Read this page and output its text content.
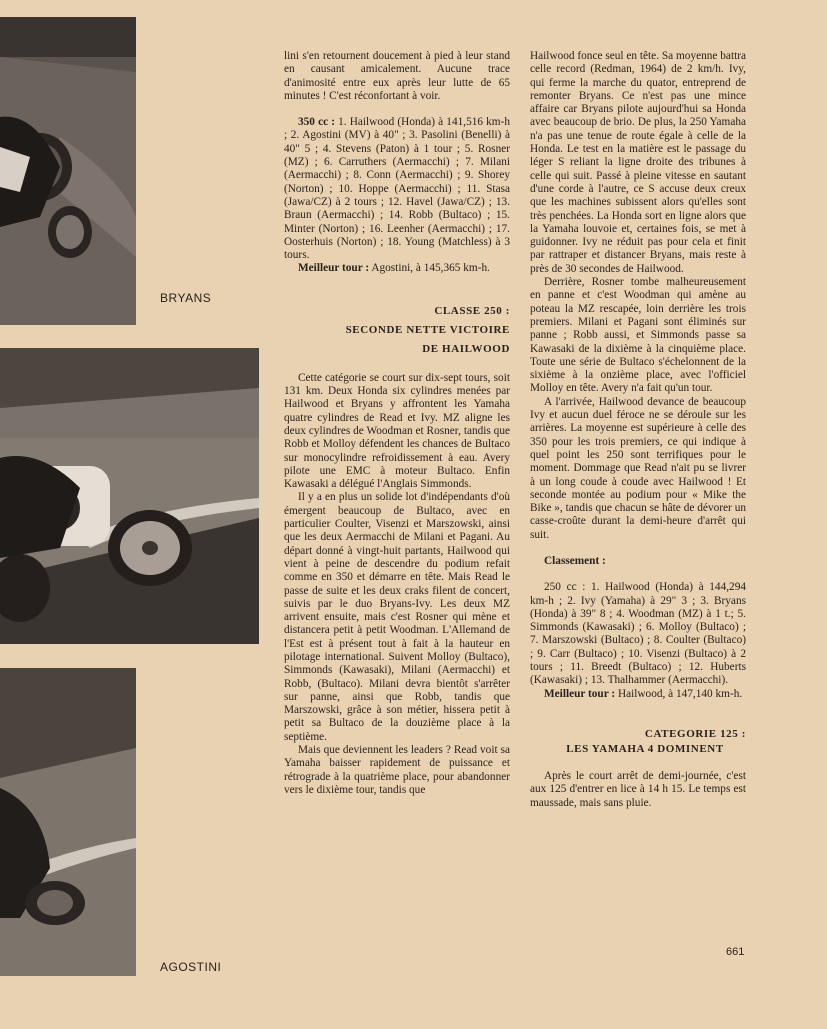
BRYANS
AGOSTINI

lini s'en retournent doucement à pied à leur stand en causant amicalement. Aucune trace d'animosité entre eux après leur lutte de 65 minutes ! C'est réconfortant à voir.

350 cc : 1. Hailwood (Honda) à 141,516 km-h ; 2. Agostini (MV) à 40" ; 3. Pasolini (Benelli) à 40" 5 ; 4. Stevens (Paton) à 1 tour ; 5. Rosner (MZ) ; 6. Carruthers (Aermacchi) ; 7. Milani (Aermacchi) ; 8. Conn (Aermacchi) ; 9. Shorey (Norton) ; 10. Hoppe (Aermacchi) ; 11. Stasa (Jawa/CZ) à 2 tours ; 12. Havel (Jawa/CZ) ; 13. Braun (Aermacchi) ; 14. Robb (Bultaco) ; 15. Minter (Norton) ; 16. Leenher (Aermacchi) ; 17. Oosterhuis (Norton) ; 18. Young (Matchless) à 3 tours.

Meilleur tour : Agostini, à 145,365 km-h.

CLASSE 250 :

SECONDE NETTE VICTOIRE

DE HAILWOOD

Cette catégorie se court sur dix-sept tours, soit 131 km. Deux Honda six cylindres menées par Hailwood et Bryans y affrontent les Yamaha quatre cylindres de Read et Ivy. MZ aligne les deux cylindres de Woodman et Rosner, tandis que Robb et Molloy défendent les chances de Bultaco sur monocylindre refroidissement à eau. Avery pilote une EMC à moteur Bultaco. Enfin Kawasaki a délégué l'Anglais Simmonds.

Il y a en plus un solide lot d'indépendants d'où émergent beaucoup de Bultaco, avec en particulier Coulter, Visenzi et Marszowski, ainsi que les deux Aermacchi de Milani et Pagani. Au départ donné à vingt-huit partants, Hailwood qui vient à peine de descendre du podium refait comme en 350 et démarre en tête. Mais Read le passe de suite et les deux craks filent de concert, suivis par le duo Bryans-Ivy. Les deux MZ arrivent ensuite, mais c'est Rosner qui mène et distancera petit à petit Woodman. L'Allemand de l'Est est à présent tout à fait à la hauteur en pilotage international. Suivent Molloy (Bultaco), Simmonds (Kawasaki), Milani (Aermacchi) et Robb, (Bultaco). Milani devra bientôt s'arrêter sur panne, ainsi que Robb, tandis que Marszowski, grâce à son métier, hissera petit à petit sa Bultaco de la douzième place à la septième.

Mais que deviennent les leaders ? Read voit sa Yamaha baisser rapidement de puissance et rétrograde à la quatrième place, pour abandonner vers le dixième tour, tandis que

Hailwood fonce seul en tête. Sa moyenne battra celle record (Redman, 1964) de 2 km/h. Ivy, qui ferme la marche du quator, entreprend de remonter Bryans. Ce n'est pas une mince affaire car Bryans pilote aujourd'hui sa Honda avec beaucoup de brio. De plus, la 250 Yamaha n'a pas une tenue de route égale à celle de la Honda. Le test en la matière est le passage du léger S reliant la ligne droite des tribunes à celle qui suit. Passé à pleine vitesse en sautant d'une corde à l'autre, ce S accuse deux creux que les machines subissent alors qu'elles sont très penchées. La Honda sort en ligne alors que la Yamaha louvoie et, certaines fois, se met à guidonner. Ivy ne réduit pas pour cela et finit par rattraper et distancer Bryans, mais reste à près de 30 secondes de Hailwood.

Derrière, Rosner tombe malheureusement en panne et c'est Woodman qui amène au poteau la MZ rescapée, loin derrière les trois premiers. Milani et Pagani sont éliminés sur panne ; Robb aussi, et Simmonds passe sa Kawasaki de la dixième à la cinquième place. Toute une série de Bultaco s'échelonnent de la sixième à la onzième place, avec l'officiel Molloy en tête. Avery n'a fait qu'un tour.

A l'arrivée, Hailwood devance de beaucoup Ivy et aucun duel féroce ne se déroule sur les arrières. La moyenne est supérieure à celle des 350 pour les trois premiers, ce qui indique à quel point les 250 sont terrifiques pour le moment. Dommage que Read n'ait pu se livrer à un long coude à coude avec Hailwood ! Et seconde montée au podium pour « Mike the Bike », tandis que chacun se hâte de dévorer un casse-croûte durant la demi-heure d'arrêt qui suit.

Classement :

250 cc : 1. Hailwood (Honda) à 144,294 km-h ; 2. Ivy (Yamaha) à 29" 3 ; 3. Bryans (Honda) à 39" 8 ; 4. Woodman (MZ) à 1 t.; 5. Simmonds (Kawasaki) ; 6. Molloy (Bultaco) ; 7. Marszowski (Bultaco) ; 8. Coulter (Bultaco) ; 9. Carr (Bultaco) ; 10. Visenzi (Bultaco) à 2 tours ; 11. Breedt (Bultaco) ; 12. Huberts (Kawasaki) ; 13. Thalhammer (Aermacchi).

Meilleur tour : Hailwood, à 147,140 km-h.

CATEGORIE 125 :

LES YAMAHA 4 DOMINENT

Après le court arrêt de demi-journée, c'est aux 125 d'entrer en lice à 14 h 15. Le temps est maussade, mais sans pluie.

661
